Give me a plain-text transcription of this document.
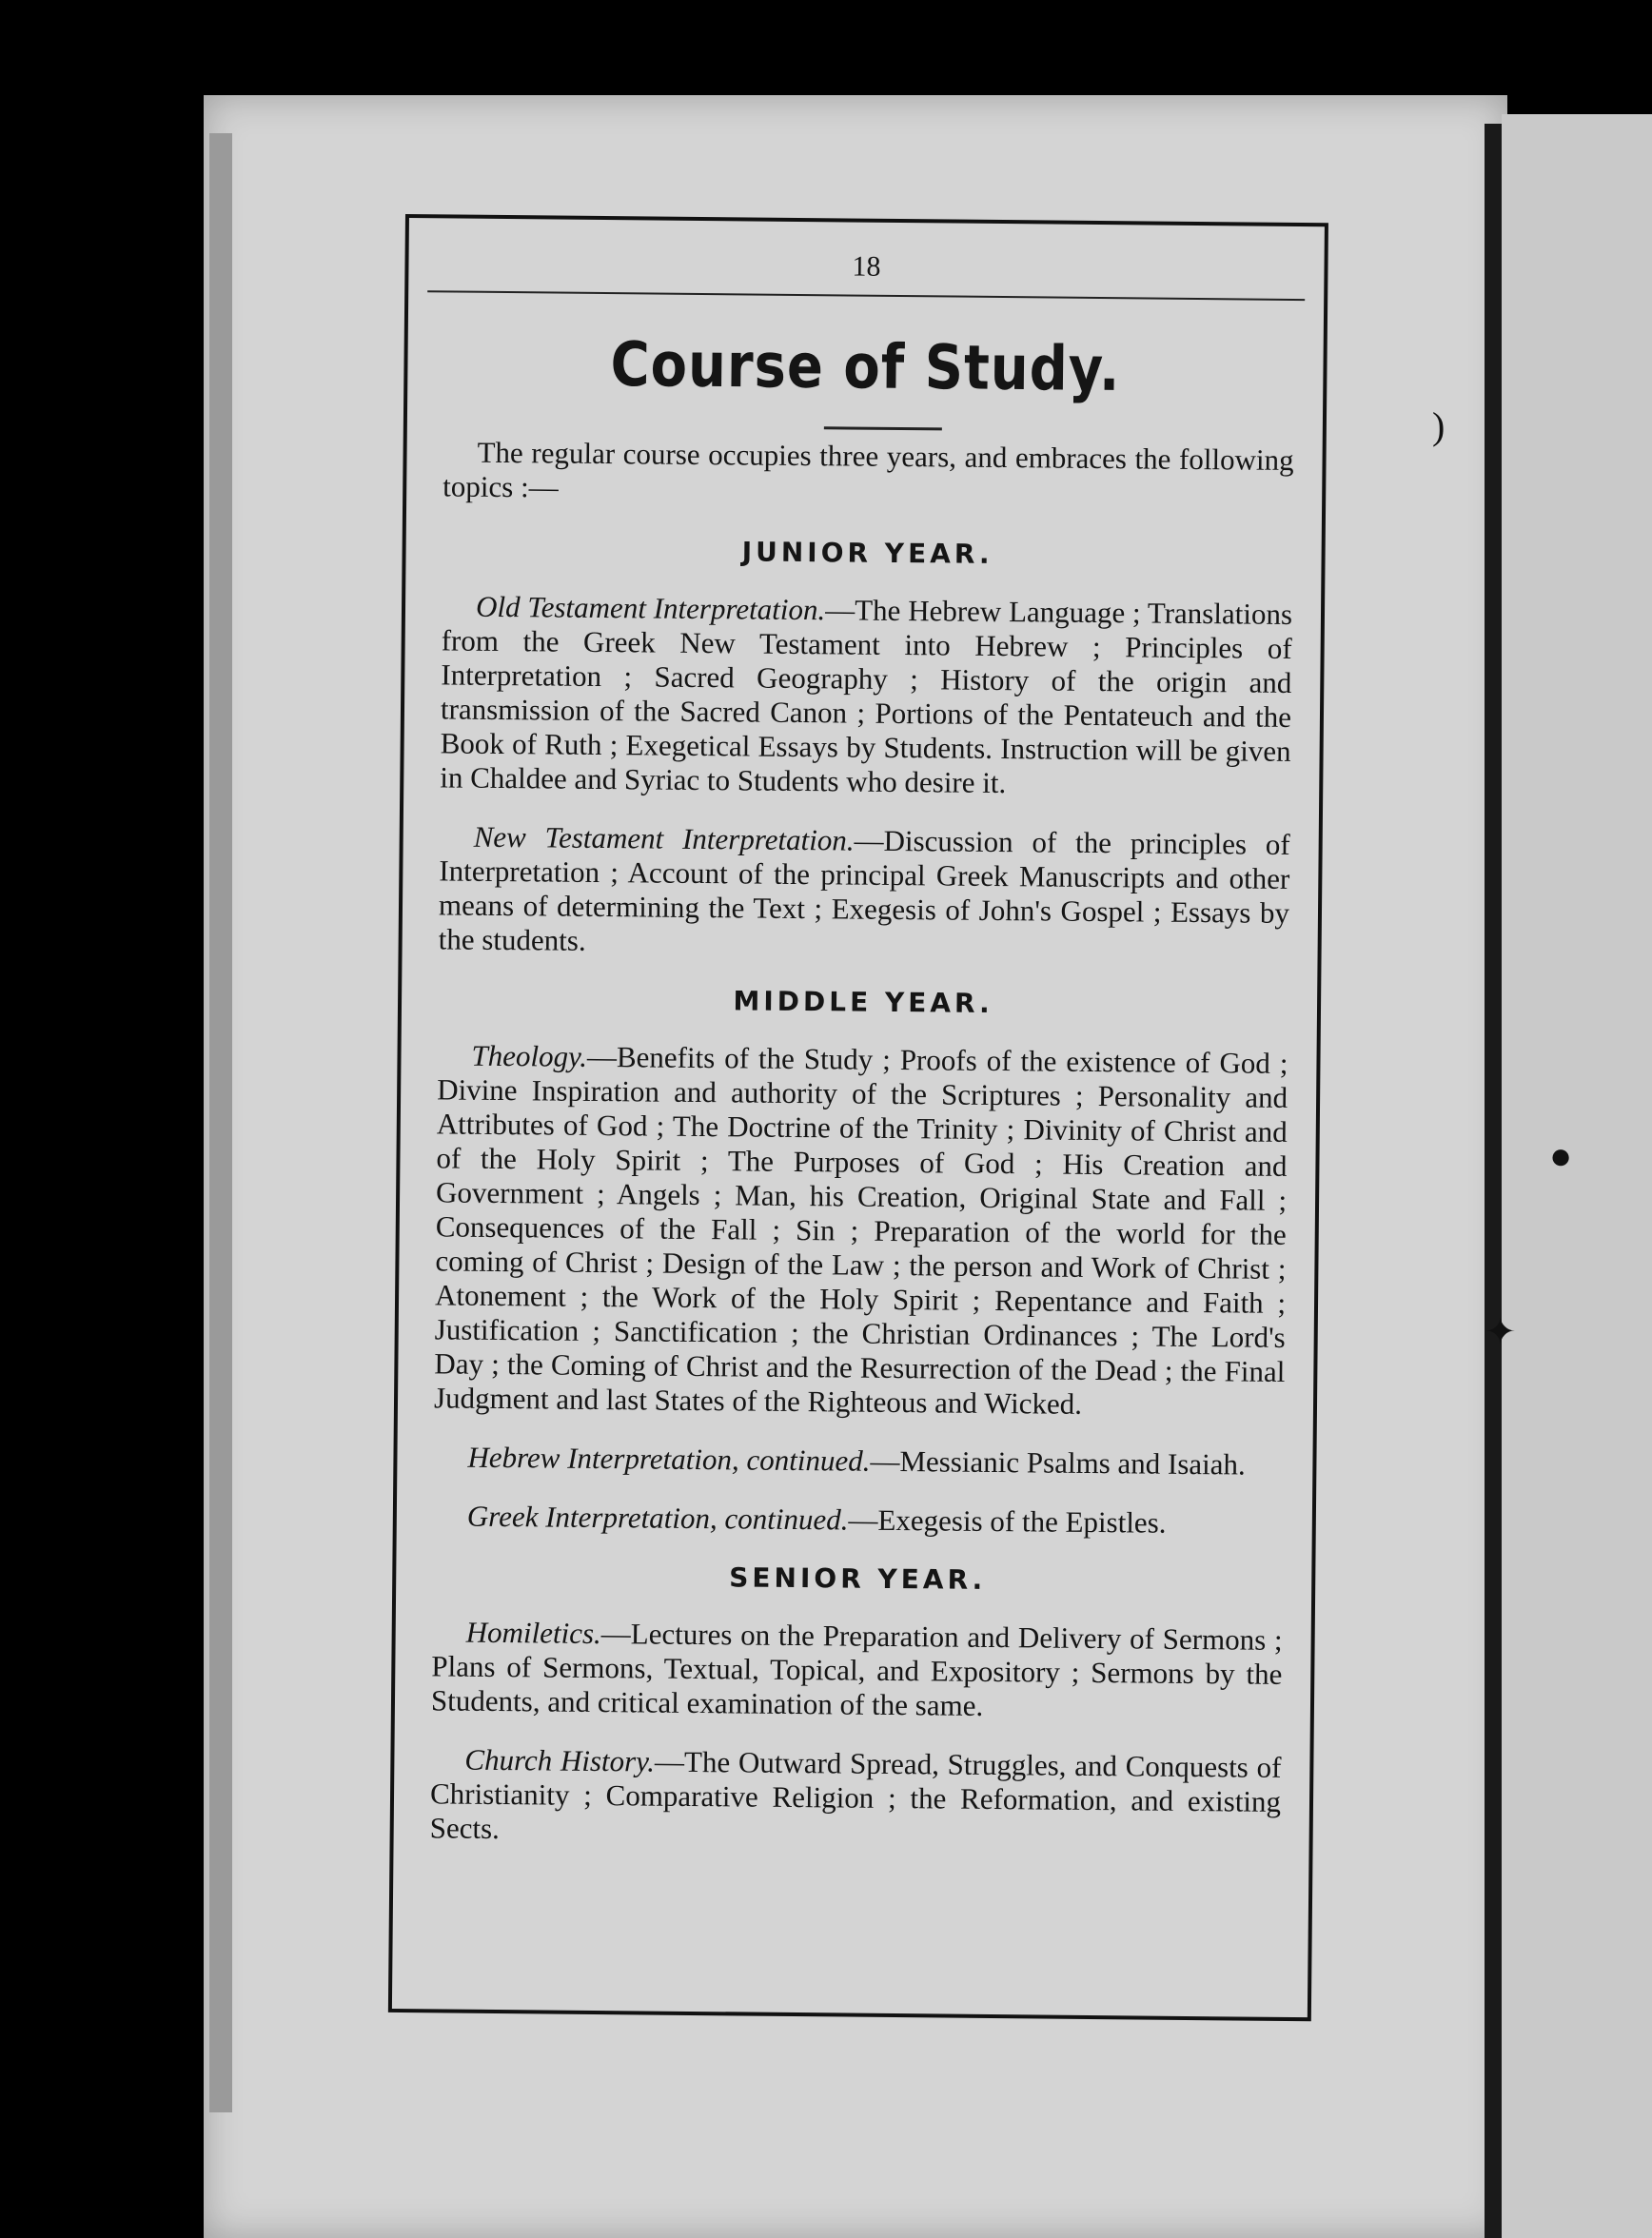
)
✦
●
18
Course of Study.

The regular course occupies three years, and embraces the following topics :—

JUNIOR YEAR.

Old Testament Interpretation.—The Hebrew Language ; Translations from the Greek New Testament into Hebrew ; Principles of Interpretation ; Sacred Geography ; History of the origin and transmission of the Sacred Canon ; Portions of the Pentateuch and the Book of Ruth ; Exegetical Essays by Students. Instruction will be given in Chaldee and Syriac to Students who desire it.

New Testament Interpretation.—Discussion of the principles of Interpretation ; Account of the principal Greek Manuscripts and other means of determining the Text ; Exegesis of John's Gospel ; Essays by the students.

MIDDLE YEAR.

Theology.—Benefits of the Study ; Proofs of the existence of God ; Divine Inspiration and authority of the Scriptures ; Personality and Attributes of God ; The Doctrine of the Trinity ; Divinity of Christ and of the Holy Spirit ; The Purposes of God ; His Creation and Government ; Angels ; Man, his Creation, Original State and Fall ; Consequences of the Fall ; Sin ; Preparation of the world for the coming of Christ ; Design of the Law ; the person and Work of Christ ; Atonement ; the Work of the Holy Spirit ; Repentance and Faith ; Justification ; Sanctification ; the Christian Ordinances ; The Lord's Day ; the Coming of Christ and the Resurrection of the Dead ; the Final Judgment and last States of the Righteous and Wicked.

Hebrew Interpretation, continued.—Messianic Psalms and Isaiah.

Greek Interpretation, continued.—Exegesis of the Epistles.

SENIOR YEAR.

Homiletics.—Lectures on the Preparation and Delivery of Sermons ; Plans of Sermons, Textual, Topical, and Expository ; Sermons by the Students, and critical examination of the same.

Church History.—The Outward Spread, Struggles, and Conquests of Christianity ; Comparative Religion ; the Reformation, and existing Sects.
